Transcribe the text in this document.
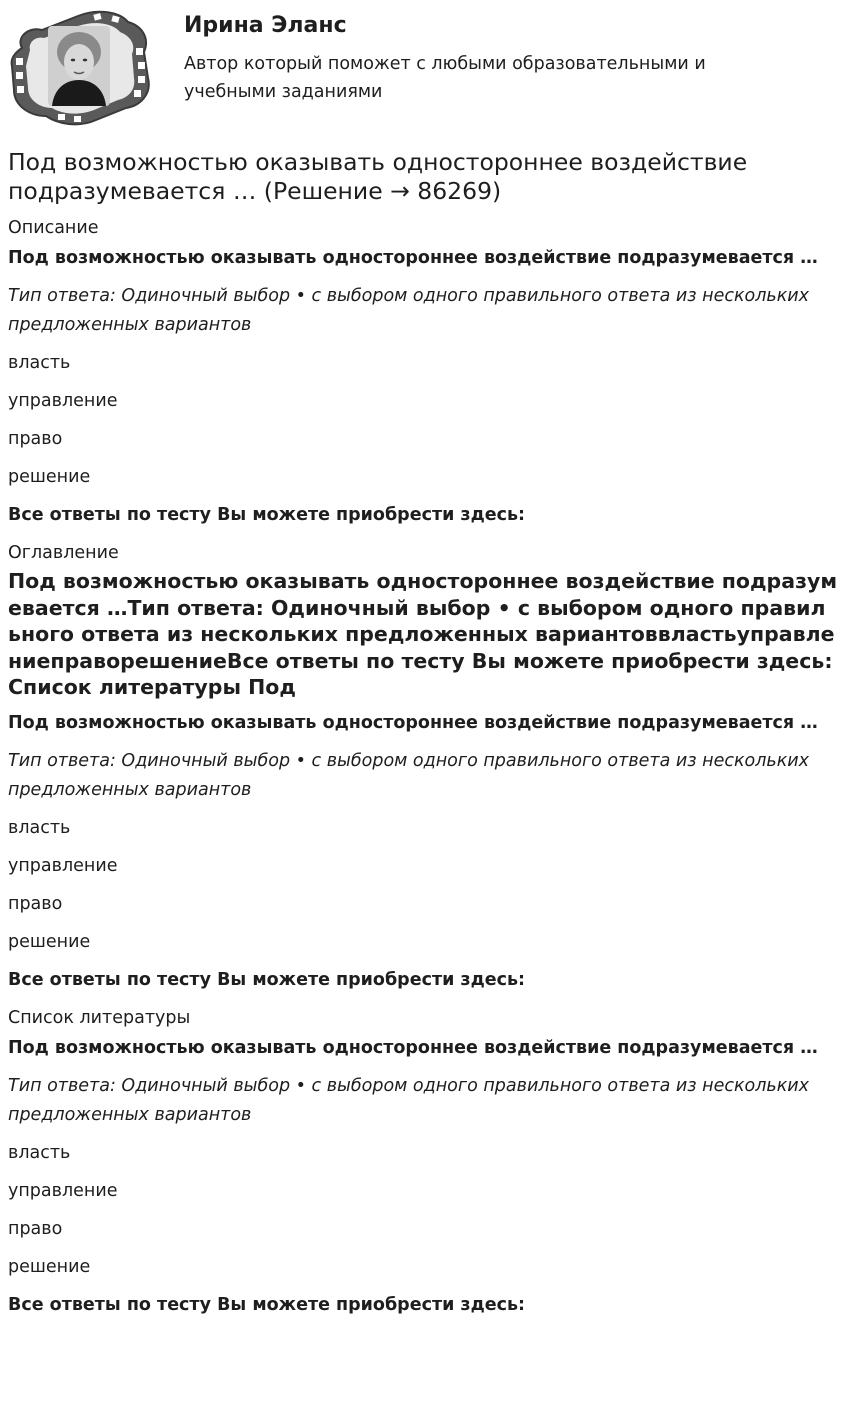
Ирина Эланс
Автор который поможет с любыми образовательными и учебными заданиями
Под возможностью оказывать одностороннее воздействие подразумевается … (Решение → 86269)
Описание
Под возможностью оказывать одностороннее воздействие подразумевается …
Тип ответа: Одиночный выбор • с выбором одного правильного ответа из нескольких предложенных вариантов
власть
управление
право
решение
Все ответы по тесту Вы можете приобрести здесь:
Оглавление
Под возможностью оказывать одностороннее воздействие подразумевается …Тип ответа: Одиночный выбор • с выбором одного правильного ответа из нескольких предложенных вариантоввластьуправлениеправорешениеВсе ответы по тесту Вы можете приобрести здесь: Список литературы Под
Под возможностью оказывать одностороннее воздействие подразумевается …
Тип ответа: Одиночный выбор • с выбором одного правильного ответа из нескольких предложенных вариантов
власть
управление
право
решение
Все ответы по тесту Вы можете приобрести здесь:
Список литературы
Под возможностью оказывать одностороннее воздействие подразумевается …
Тип ответа: Одиночный выбор • с выбором одного правильного ответа из нескольких предложенных вариантов
власть
управление
право
решение
Все ответы по тесту Вы можете приобрести здесь:
